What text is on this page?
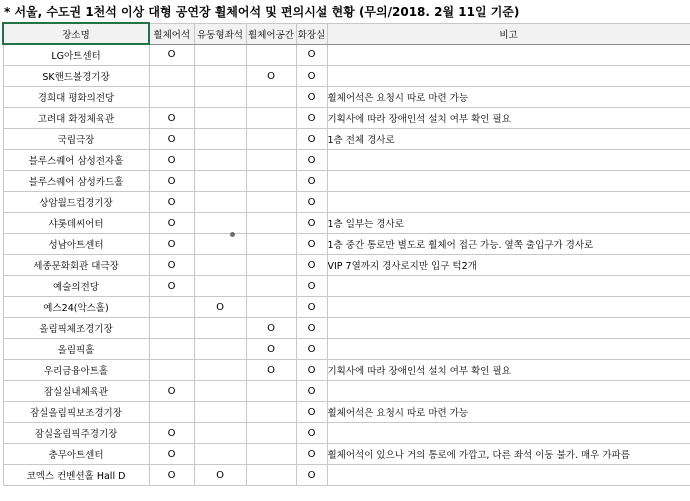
* 서울, 수도권 1천석 이상 대형 공연장 휠체어석 및 편의시설 현황 (무의/2018. 2월 11일 기준)
장소명	휠체어석	유동형좌석	휠체어공간	화장실	비고
LG아트센터	O			O	
SK핸드볼경기장			O	O	
경희대 평화의전당				O	휠체어석은 요청시 따로 마련 가능
고려대 화정체육관	O			O	기획사에 따라 장애인석 설치 여부 확인 필요
국립극장	O			O	1층 전체 경사로
블루스퀘어 삼성전자홀	O			O	
블루스퀘어 삼성카드홀	O			O	
상암월드컵경기장	O			O	
샤롯데씨어터	O			O	1층 일부는 경사로
성남아트센터	O			O	1층 중간 통로만 별도로 휠체어 접근 가능. 옆쪽 출입구가 경사로
세종문화회관 대극장	O			O	VIP 7열까지 경사로지만 입구 턱2개
예술의전당	O			O	
예스24(악스홀)		O		O	
올림픽체조경기장			O	O	
올림픽홀			O	O	
우리금융아트홀			O	O	기획사에 따라 장애인석 설치 여부 확인 필요
잠실실내체육관	O			O	
잠실올림픽보조경기장				O	휠체어석은 요청시 따로 마련 가능
잠실올림픽주경기장	O			O	
충무아트센터	O			O	휠체어석이 있으나 거의 통로에 가깝고, 다른 좌석 이동 불가. 매우 가파름
코엑스 컨벤션홀 Hall D	O	O		O	
